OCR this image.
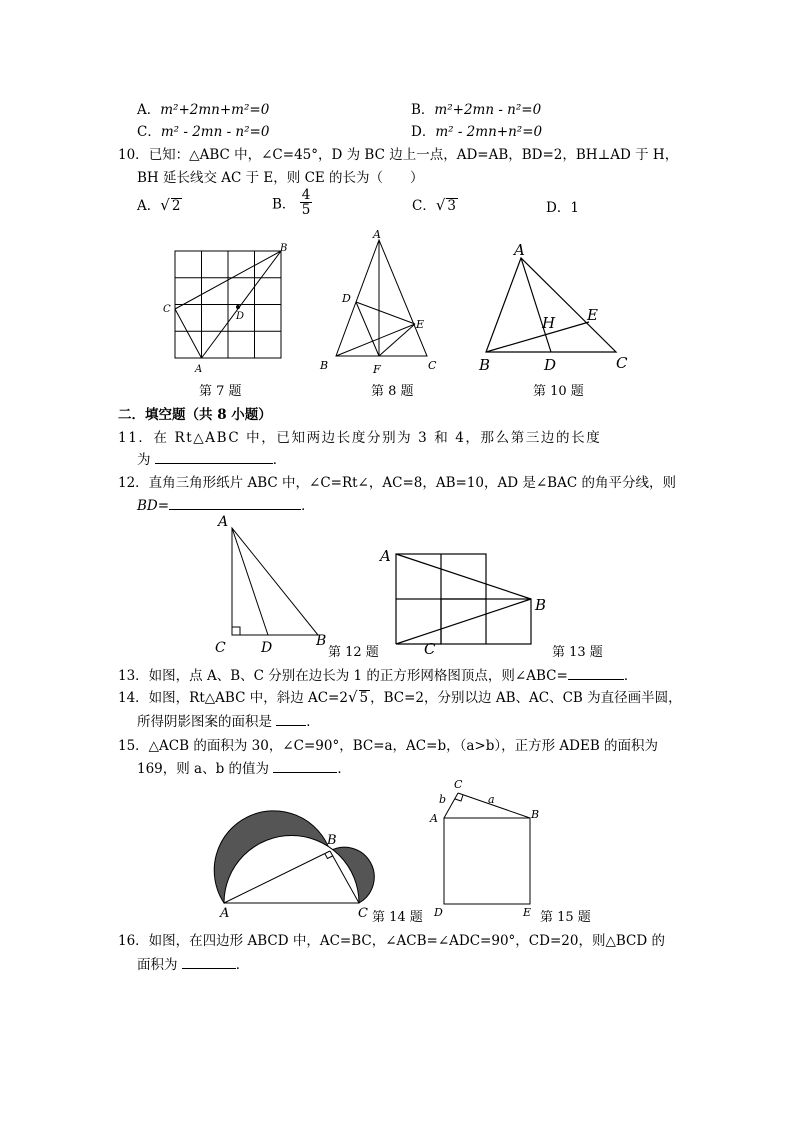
A．m²+2mn+m²=0	B．m²+2mn - n²=0
C．m² - 2mn - n²=0	D．m² - 2mn+n²=0
10．已知：△ABC 中，∠C=45°，D 为 BC 边上一点，AD=AB，BD=2，BH⊥AD 于 H，
BH 延长线交 AC 于 E，则 CE 的长为（　　）
A．√ 2	B． $\frac{4}{5}$	C．√ 3	D．1
B
C
D
A
第 7 题
A
D
E
B	F	C
第 8 题
A
H E
B	D	C
第 10 题
二．填空题（共 8 小题）
11．在 Rt△ABC 中，已知两边长度分别为 3 和 4，那么第三边的长度
为	．
12．直角三角形纸片 ABC 中，∠C=Rt∠，AC=8，AB=10，AD 是∠BAC 的角平分线，则
BD=	．
A
C	D	B
第 12 题
A
B
C	第 13 题
13．如图，点 A、B、C 分别在边长为 1 的正方形网格图顶点，则∠ABC=	．
14．如图，Rt△ABC 中，斜边 AC=2√ 5 ，BC=2，分别以边 AB、AC、CB 为直径画半圆，
所得阴影图案的面积是	．
15．△ACB 的面积为 30，∠C=90°，BC=a，AC=b，（a>b），正方形 ADEB 的面积为
169，则 a、b 的值为	．
A
B
C 第 14 题
C
b	a
A	B
D	E 第 15 题
16．如图，在四边形 ABCD 中，AC=BC，∠ACB=∠ADC=90°，CD=20，则△BCD 的
面积为	．
